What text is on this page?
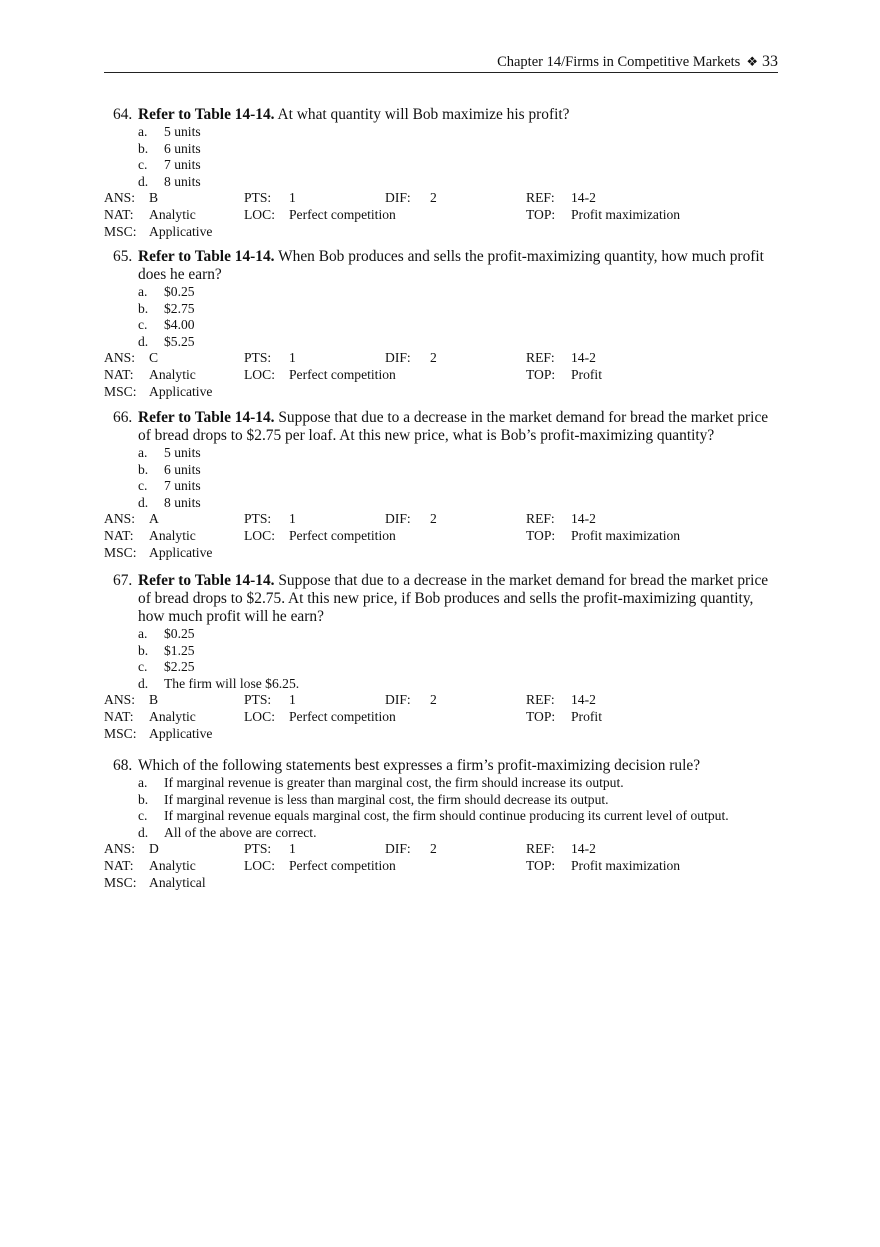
Chapter 14/Firms in Competitive Markets ❖ 33
64. Refer to Table 14-14. At what quantity will Bob maximize his profit?
a.	5 units
b.	6 units
c.	7 units
d.	8 units
ANS: B	PTS: 1	DIF: 2	REF: 14-2
NAT: Analytic	LOC: Perfect competition	TOP: Profit maximization
MSC: Applicative
65. Refer to Table 14-14. When Bob produces and sells the profit-maximizing quantity, how much profit does he earn?
a.	$0.25
b.	$2.75
c.	$4.00
d.	$5.25
ANS: C	PTS: 1	DIF: 2	REF: 14-2
NAT: Analytic	LOC: Perfect competition	TOP: Profit
MSC: Applicative
66. Refer to Table 14-14. Suppose that due to a decrease in the market demand for bread the market price of bread drops to $2.75 per loaf. At this new price, what is Bob’s profit-maximizing quantity?
a.	5 units
b.	6 units
c.	7 units
d.	8 units
ANS: A	PTS: 1	DIF: 2	REF: 14-2
NAT: Analytic	LOC: Perfect competition	TOP: Profit maximization
MSC: Applicative
67. Refer to Table 14-14. Suppose that due to a decrease in the market demand for bread the market price of bread drops to $2.75. At this new price, if Bob produces and sells the profit-maximizing quantity, how much profit will he earn?
a.	$0.25
b.	$1.25
c.	$2.25
d.	The firm will lose $6.25.
ANS: B	PTS: 1	DIF: 2	REF: 14-2
NAT: Analytic	LOC: Perfect competition	TOP: Profit
MSC: Applicative
68. Which of the following statements best expresses a firm’s profit-maximizing decision rule?
a.	If marginal revenue is greater than marginal cost, the firm should increase its output.
b.	If marginal revenue is less than marginal cost, the firm should decrease its output.
c.	If marginal revenue equals marginal cost, the firm should continue producing its current level of output.
d.	All of the above are correct.
ANS: D	PTS: 1	DIF: 2	REF: 14-2
NAT: Analytic	LOC: Perfect competition	TOP: Profit maximization
MSC: Analytical
